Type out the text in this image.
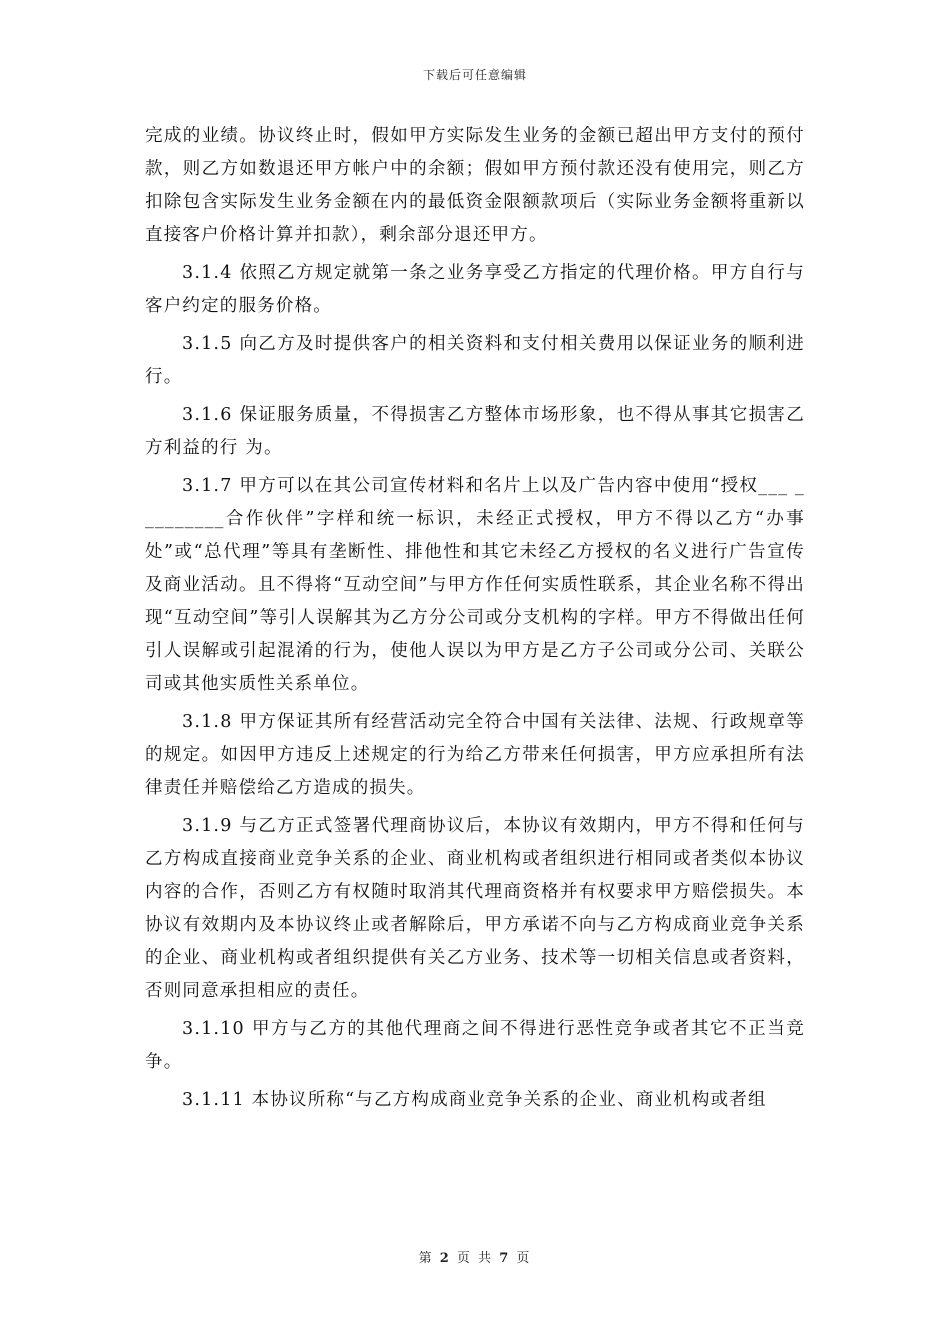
下载后可任意编辑

完成的业绩。协议终止时，假如甲方实际发生业务的金额已超出甲方支付的预付款，则乙方如数退还甲方帐户中的余额；假如甲方预付款还没有使用完，则乙方扣除包含实际发生业务金额在内的最低资金限额款项后（实际业务金额将重新以直接客户价格计算并扣款），剩余部分退还甲方。

3.1.4 依照乙方规定就第一条之业务享受乙方指定的代理价格。甲方自行与客户约定的服务价格。

3.1.5 向乙方及时提供客户的相关资料和支付相关费用以保证业务的顺利进行。

3.1.6 保证服务质量，不得损害乙方整体市场形象，也不得从事其它损害乙方利益的行 为。

3.1.7 甲方可以在其公司宣传材料和名片上以及广告内容中使用“授权___ _________合作伙伴”字样和统一标识，未经正式授权，甲方不得以乙方“办事处”或“总代理”等具有垄断性、排他性和其它未经乙方授权的名义进行广告宣传及商业活动。且不得将“互动空间”与甲方作任何实质性联系，其企业名称不得出现“互动空间”等引人误解其为乙方分公司或分支机构的字样。甲方不得做出任何引人误解或引起混淆的行为，使他人误以为甲方是乙方子公司或分公司、关联公司或其他实质性关系单位。

3.1.8 甲方保证其所有经营活动完全符合中国有关法律、法规、行政规章等的规定。如因甲方违反上述规定的行为给乙方带来任何损害，甲方应承担所有法律责任并赔偿给乙方造成的损失。

3.1.9 与乙方正式签署代理商协议后，本协议有效期内，甲方不得和任何与乙方构成直接商业竞争关系的企业、商业机构或者组织进行相同或者类似本协议内容的合作，否则乙方有权随时取消其代理商资格并有权要求甲方赔偿损失。本协议有效期内及本协议终止或者解除后，甲方承诺不向与乙方构成商业竞争关系的企业、商业机构或者组织提供有关乙方业务、技术等一切相关信息或者资料，否则同意承担相应的责任。

3.1.10 甲方与乙方的其他代理商之间不得进行恶性竞争或者其它不正当竞争。

3.1.11 本协议所称“与乙方构成商业竞争关系的企业、商业机构或者组

第 2 页 共 7 页
